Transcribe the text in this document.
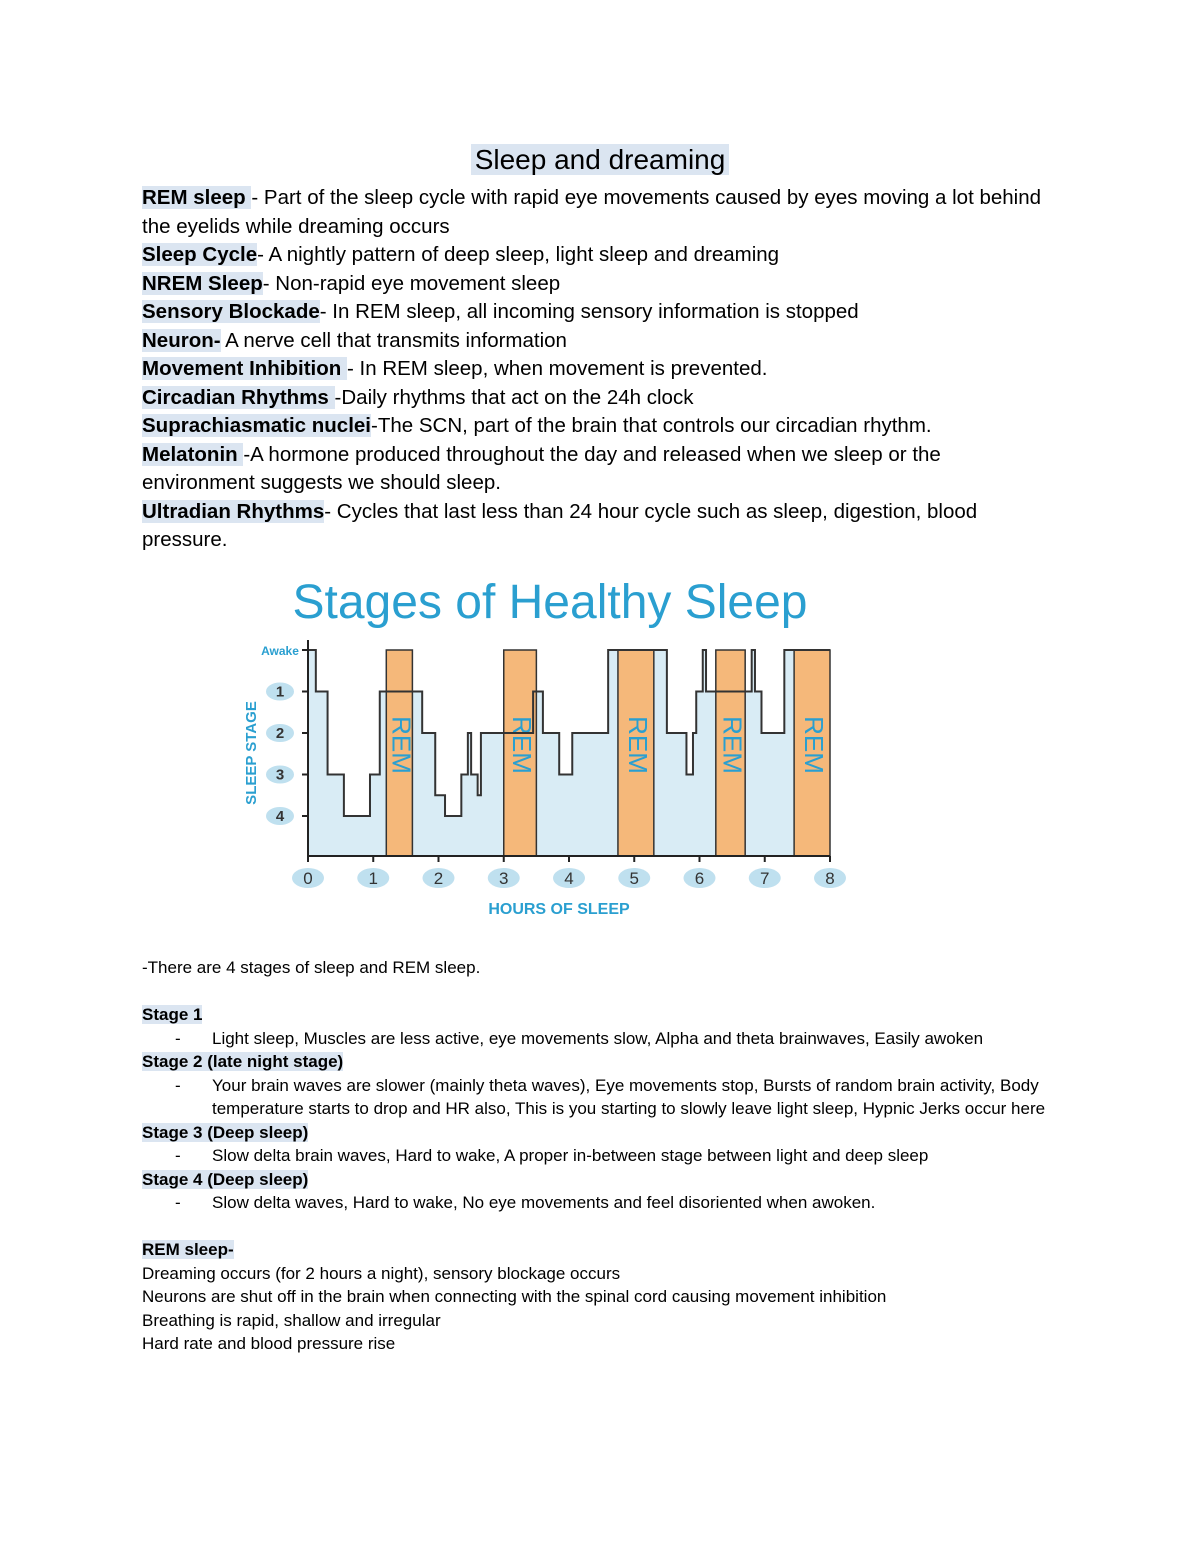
Sleep and dreaming

REM sleep - Part of the sleep cycle with rapid eye movements caused by eyes moving a lot behind the eyelids while dreaming occurs

Sleep Cycle- A nightly pattern of deep sleep, light sleep and dreaming

NREM Sleep- Non-rapid eye movement sleep

Sensory Blockade- In REM sleep, all incoming sensory information is stopped

Neuron- A nerve cell that transmits information

Movement Inhibition - In REM sleep, when movement is prevented.

Circadian Rhythms -Daily rhythms that act on the 24h clock

Suprachiasmatic nuclei-The SCN, part of the brain that controls our circadian rhythm.

Melatonin -A hormone produced throughout the day and released when we sleep or the environment suggests we should sleep.

Ultradian Rhythms- Cycles that last less than 24 hour cycle such as sleep, digestion, blood pressure.

Stages of Healthy Sleep
REM	REM	REM REM REM
Awake
1
2
3
4
0	1	2	3	4	5	6	7	8
SLEEP STAGE
HOURS OF SLEEP

-There are 4 stages of sleep and REM sleep.

Stage 1

-	Light sleep, Muscles are less active, eye movements slow, Alpha and theta brainwaves, Easily awoken

Stage 2 (late night stage)

-	Your brain waves are slower (mainly theta waves), Eye movements stop, Bursts of random brain activity, Body temperature starts to drop and HR also, This is you starting to slowly leave light sleep, Hypnic Jerks occur here

Stage 3 (Deep sleep)

-	Slow delta brain waves, Hard to wake, A proper in-between stage between light and deep sleep

Stage 4 (Deep sleep)

-	Slow delta waves, Hard to wake, No eye movements and feel disoriented when awoken.

REM sleep-

Dreaming occurs (for 2 hours a night), sensory blockage occurs

Neurons are shut off in the brain when connecting with the spinal cord causing movement inhibition

Breathing is rapid, shallow and irregular

Hard rate and blood pressure rise
